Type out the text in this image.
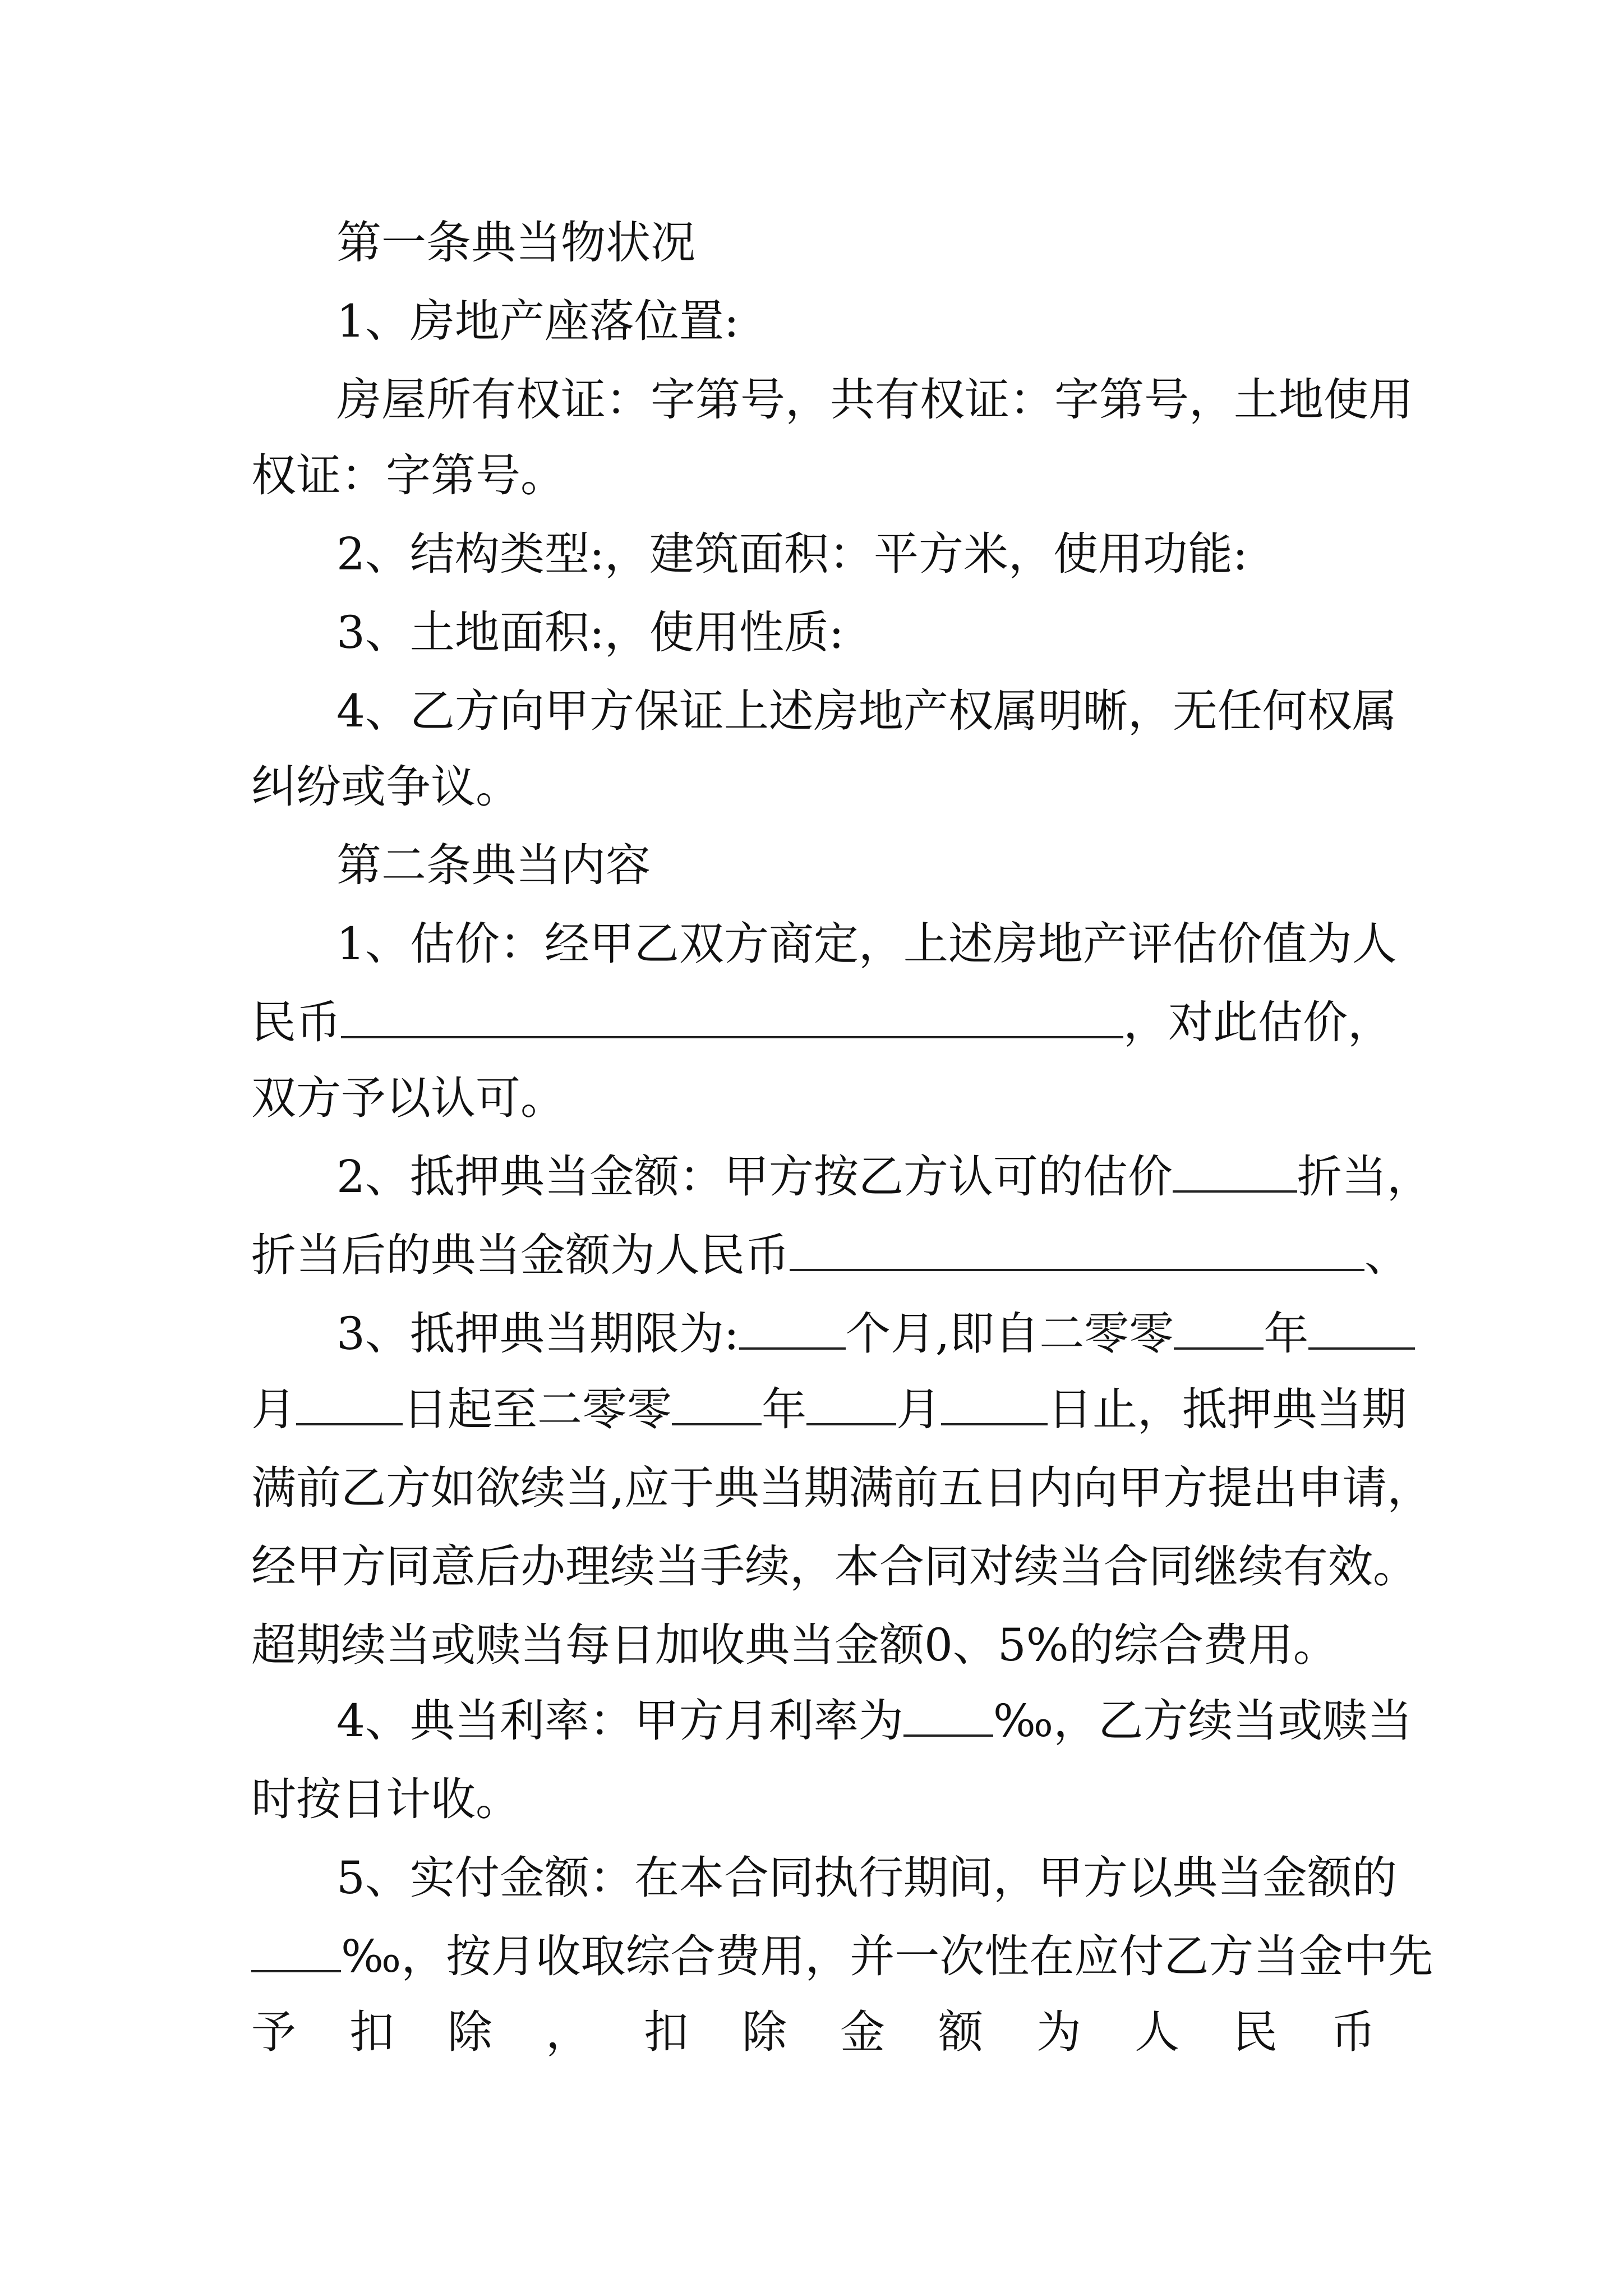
第一条典当物状况
1、房地产座落位置:
房屋所有权证：字第号，共有权证：字第号，土地使用
权证：字第号。
2、结构类型:，建筑面积：平方米，使用功能:
3、土地面积:，使用性质:
4、乙方向甲方保证上述房地产权属明晰，无任何权属
纠纷或争议。
第二条典当内容
1、估价：经甲乙双方商定，上述房地产评估价值为人
民币	，对此估价，
双方予以认可。
2、抵押典当金额：甲方按乙方认可的估价	折当，
折当后的典当金额为人民币	、
3、抵押典当期限为: 个月,即自二零零 年
月 日起至二零零 年 月 日止，抵押典当期
满前乙方如欲续当,应于典当期满前五日内向甲方提出申请，
经甲方同意后办理续当手续，本合同对续当合同继续有效。
超期续当或赎当每日加收典当金额0、5%的综合费用。
4、典当利率：甲方月利率为 ‰，乙方续当或赎当
时按日计收。
5、实付金额：在本合同执行期间，甲方以典当金额的
‰，按月收取综合费用，并一次性在应付乙方当金中先
予 扣 除 ， 扣 除 金 额 为 人 民 币
